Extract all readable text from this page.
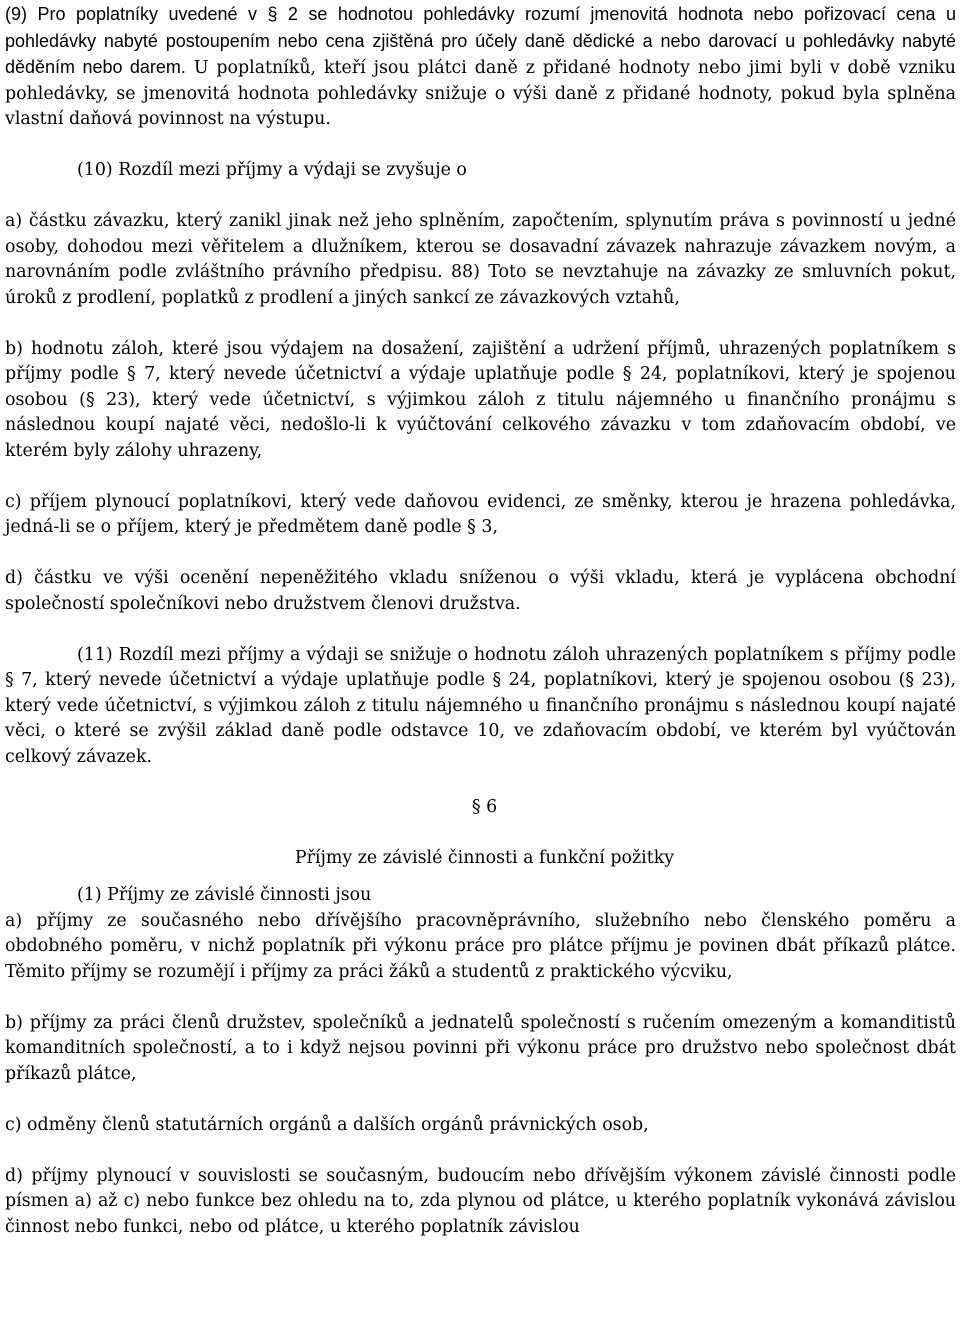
(9) Pro poplatníky uvedené v § 2 se hodnotou pohledávky rozumí jmenovitá hodnota nebo pořizovací cena u pohledávky nabyté postoupením nebo cena zjištěná pro účely daně dědické a nebo darovací u pohledávky nabyté děděním nebo darem. U poplatníků, kteří jsou plátci daně z přidané hodnoty nebo jimi byli v době vzniku pohledávky, se jmenovitá hodnota pohledávky snižuje o výši daně z přidané hodnoty, pokud byla splněna vlastní daňová povinnost na výstupu.

(10) Rozdíl mezi příjmy a výdaji se zvyšuje o

a) částku závazku, který zanikl jinak než jeho splněním, započtením, splynutím práva s povinností u jedné osoby, dohodou mezi věřitelem a dlužníkem, kterou se dosavadní závazek nahrazuje závazkem novým, a narovnáním podle zvláštního právního předpisu. 88) Toto se nevztahuje na závazky ze smluvních pokut, úroků z prodlení, poplatků z prodlení a jiných sankcí ze závazkových vztahů,

b) hodnotu záloh, které jsou výdajem na dosažení, zajištění a udržení příjmů, uhrazených poplatníkem s příjmy podle § 7, který nevede účetnictví a výdaje uplatňuje podle § 24, poplatníkovi, který je spojenou osobou (§ 23), který vede účetnictví, s výjimkou záloh z titulu nájemného u finančního pronájmu s následnou koupí najaté věci, nedošlo-li k vyúčtování celkového závazku v tom zdaňovacím období, ve kterém byly zálohy uhrazeny,

c) příjem plynoucí poplatníkovi, který vede daňovou evidenci, ze směnky, kterou je hrazena pohledávka, jedná-li se o příjem, který je předmětem daně podle § 3,

d) částku ve výši ocenění nepeněžitého vkladu sníženou o výši vkladu, která je vyplácena obchodní společností společníkovi nebo družstvem členovi družstva.

(11) Rozdíl mezi příjmy a výdaji se snižuje o hodnotu záloh uhrazených poplatníkem s příjmy podle § 7, který nevede účetnictví a výdaje uplatňuje podle § 24, poplatníkovi, který je spojenou osobou (§ 23), který vede účetnictví, s výjimkou záloh z titulu nájemného u finančního pronájmu s následnou koupí najaté věci, o které se zvýšil základ daně podle odstavce 10, ve zdaňovacím období, ve kterém byl vyúčtován celkový závazek.

§ 6

Příjmy ze závislé činnosti a funkční požitky

(1) Příjmy ze závislé činnosti jsou

a) příjmy ze současného nebo dřívějšího pracovněprávního, služebního nebo členského poměru a obdobného poměru, v nichž poplatník při výkonu práce pro plátce příjmu je povinen dbát příkazů plátce. Těmito příjmy se rozumějí i příjmy za práci žáků a studentů z praktického výcviku,

b) příjmy za práci členů družstev, společníků a jednatelů společností s ručením omezeným a komanditistů komanditních společností, a to i když nejsou povinni při výkonu práce pro družstvo nebo společnost dbát příkazů plátce,

c) odměny členů statutárních orgánů a dalších orgánů právnických osob,

d) příjmy plynoucí v souvislosti se současným, budoucím nebo dřívějším výkonem závislé činnosti podle písmen a) až c) nebo funkce bez ohledu na to, zda plynou od plátce, u kterého poplatník vykonává závislou činnost nebo funkci, nebo od plátce, u kterého poplatník závislou
